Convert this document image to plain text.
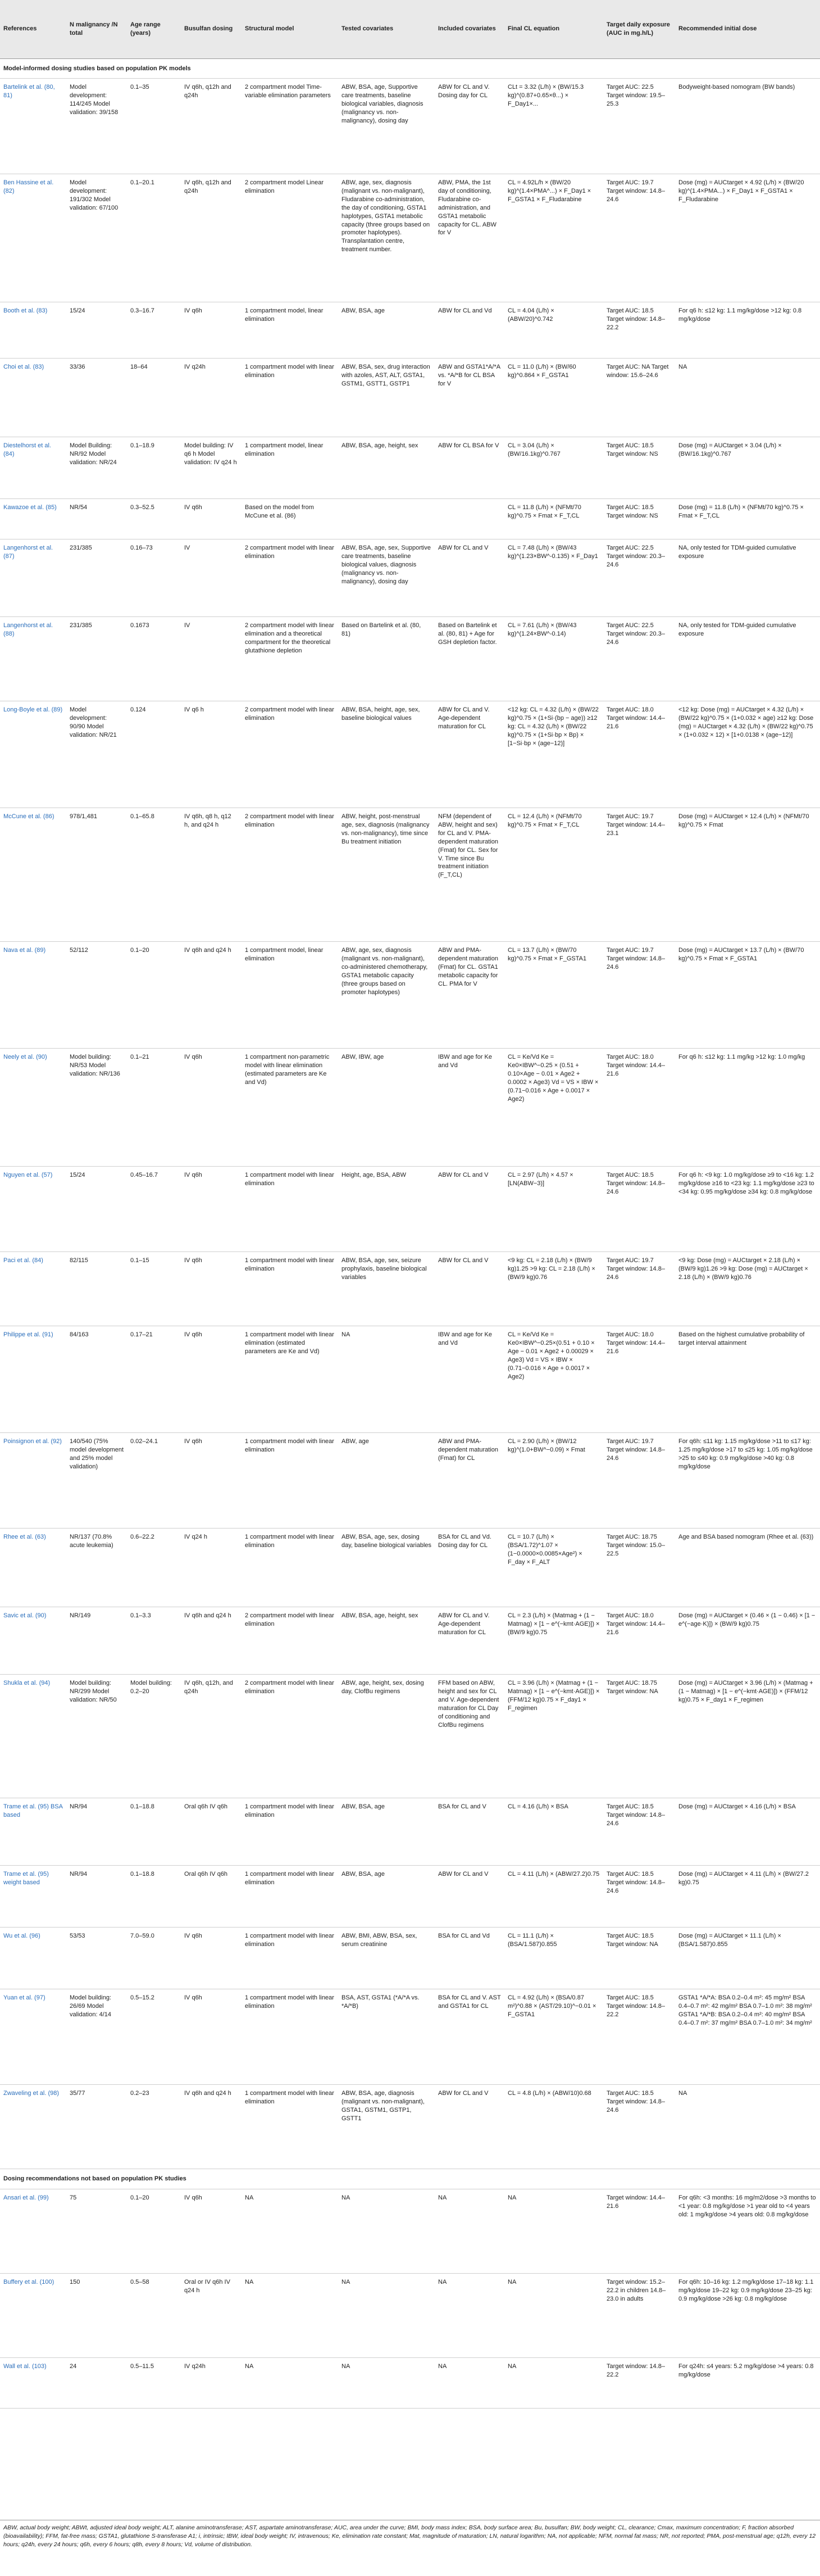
References	N malignancy /N total	Age range (years)	Busulfan dosing	Structural model	Tested covariates	Included covariates	Final CL equation	Target daily exposure (AUC in mg.h/L)	Recommended initial dose
Model-informed dosing studies based on population PK models									
Bartelink et al. (80, 81)	Model development: 114/245 Model validation: 39/158	0.1–35	IV q6h, q12h and q24h	2 compartment model Time-variable elimination parameters	ABW, BSA, age, Supportive care treatments, baseline biological variables, diagnosis (malignancy vs. non-malignancy), dosing day	ABW for CL and V. Dosing day for CL	CLt = 3.32 (L/h) × (BW/15.3 kg)^(0.87+0.65×θ...) × F_Day1×...	Target AUC: 22.5 Target window: 19.5–25.3	Bodyweight-based nomogram (BW bands)
Ben Hassine et al. (82)	Model development: 191/302 Model validation: 67/100	0.1–20.1	IV q6h, q12h and q24h	2 compartment model Linear elimination	ABW, age, sex, diagnosis (malignant vs. non-malignant), Fludarabine co-administration, the day of conditioning, GSTA1 haplotypes, GSTA1 metabolic capacity (three groups based on promoter haplotypes). Transplantation centre, treatment number.	ABW, PMA, the 1st day of conditioning, Fludarabine co-administration, and GSTA1 metabolic capacity for CL. ABW for V	CL = 4.92L/h × (BW/20 kg)^(1.4×PMA^...) × F_Day1 × F_GSTA1 × F_Fludarabine	Target AUC: 19.7 Target window: 14.8–24.6	Dose (mg) = AUCtarget × 4.92 (L/h) × (BW/20 kg)^(1.4×PMA...) × F_Day1 × F_GSTA1 × F_Fludarabine
Booth et al. (83)	15/24	0.3–16.7	IV q6h	1 compartment model, linear elimination	ABW, BSA, age	ABW for CL and Vd	CL = 4.04 (L/h) × (ABW/20)^0.742	Target AUC: 18.5 Target window: 14.8–22.2	For q6 h: ≤12 kg: 1.1 mg/kg/dose >12 kg: 0.8 mg/kg/dose
Choi et al. (83)	33/36	18–64	IV q24h	1 compartment model with linear elimination	ABW, BSA, sex, drug interaction with azoles, AST, ALT, GSTA1, GSTM1, GSTT1, GSTP1	ABW and GSTA1*A/*A vs. *A/*B for CL BSA for V	CL = 11.0 (L/h) × (BW/60 kg)^0.864 × F_GSTA1	Target AUC: NA Target window: 15.6–24.6	NA
Diestelhorst et al. (84)	Model Building: NR/92 Model validation: NR/24	0.1–18.9	Model building: IV q6 h Model validation: IV q24 h	1 compartment model, linear elimination	ABW, BSA, age, height, sex	ABW for CL BSA for V	CL = 3.04 (L/h) × (BW/16.1kg)^0.767	Target AUC: 18.5 Target window: NS	Dose (mg) = AUCtarget × 3.04 (L/h) × (BW/16.1kg)^0.767
Kawazoe et al. (85)	NR/54	0.3–52.5	IV q6h	Based on the model from McCune et al. (86)			CL = 11.8 (L/h) × (NFMt/70 kg)^0.75 × Fmat × F_T,CL	Target AUC: 18.5 Target window: NS	Dose (mg) = 11.8 (L/h) × (NFMt/70 kg)^0.75 × Fmat × F_T,CL
Langenhorst et al. (87)	231/385	0.16–73	IV	2 compartment model with linear elimination	ABW, BSA, age, sex, Supportive care treatments, baseline biological values, diagnosis (malignancy vs. non-malignancy), dosing day	ABW for CL and V	CL = 7.48 (L/h) × (BW/43 kg)^(1.23×BW^-0.135) × F_Day1	Target AUC: 22.5 Target window: 20.3–24.6	NA, only tested for TDM-guided cumulative exposure
Langenhorst et al. (88)	231/385	0.1673	IV	2 compartment model with linear elimination and a theoretical compartment for the theoretical glutathione depletion	Based on Bartelink et al. (80, 81)	Based on Bartelink et al. (80, 81) + Age for GSH depletion factor.	CL = 7.61 (L/h) × (BW/43 kg)^(1.24×BW^-0.14)	Target AUC: 22.5 Target window: 20.3–24.6	NA, only tested for TDM-guided cumulative exposure
Long-Boyle et al. (89)	Model development: 90/90 Model validation: NR/21	0.124	IV q6 h	2 compartment model with linear elimination	ABW, BSA, height, age, sex, baseline biological values	ABW for CL and V. Age-dependent maturation for CL	<12 kg: CL = 4.32 (L/h) × (BW/22 kg)^0.75 × (1+Si·(bp − age)) ≥12 kg: CL = 4.32 (L/h) × (BW/22 kg)^0.75 × (1+Si·bp × Bp) × [1−Si·bp × (age−12)]	Target AUC: 18.0 Target window: 14.4–21.6	<12 kg: Dose (mg) = AUCtarget × 4.32 (L/h) × (BW/22 kg)^0.75 × (1+0.032 × age) ≥12 kg: Dose (mg) = AUCtarget × 4.32 (L/h) × (BW/22 kg)^0.75 × (1+0.032 × 12) × [1+0.0138 × (age−12)]
McCune et al. (86)	978/1,481	0.1–65.8	IV q6h, q8 h, q12 h, and q24 h	2 compartment model with linear elimination	ABW, height, post-menstrual age, sex, diagnosis (malignancy vs. non-malignancy), time since Bu treatment initiation	NFM (dependent of ABW, height and sex) for CL and V. PMA-dependent maturation (Fmat) for CL. Sex for V. Time since Bu treatment initiation (F_T,CL)	CL = 12.4 (L/h) × (NFMt/70 kg)^0.75 × Fmat × F_T,CL	Target AUC: 19.7 Target window: 14.4–23.1	Dose (mg) = AUCtarget × 12.4 (L/h) × (NFMt/70 kg)^0.75 × Fmat
Nava et al. (89)	52/112	0.1–20	IV q6h and q24 h	1 compartment model, linear elimination	ABW, age, sex, diagnosis (malignant vs. non-malignant), co-administered chemotherapy, GSTA1 metabolic capacity (three groups based on promoter haplotypes)	ABW and PMA-dependent maturation (Fmat) for CL. GSTA1 metabolic capacity for CL. PMA for V	CL = 13.7 (L/h) × (BW/70 kg)^0.75 × Fmat × F_GSTA1	Target AUC: 19.7 Target window: 14.8–24.6	Dose (mg) = AUCtarget × 13.7 (L/h) × (BW/70 kg)^0.75 × Fmat × F_GSTA1
Neely et al. (90)	Model building: NR/53 Model validation: NR/136	0.1–21	IV q6h	1 compartment non-parametric model with linear elimination (estimated parameters are Ke and Vd)	ABW, IBW, age	IBW and age for Ke and Vd	CL = Ke/Vd Ke = Ke0×IBW^−0.25 × (0.51 + 0.10×Age − 0.01 × Age2 + 0.0002 × Age3) Vd = VS × IBW × (0.71−0.016 × Age + 0.0017 × Age2)	Target AUC: 18.0 Target window: 14.4–21.6	For q6 h: ≤12 kg: 1.1 mg/kg >12 kg: 1.0 mg/kg
Nguyen et al. (57)	15/24	0.45–16.7	IV q6h	1 compartment model with linear elimination	Height, age, BSA, ABW	ABW for CL and V	CL = 2.97 (L/h) × 4.57 × [LN(ABW−3)]	Target AUC: 18.5 Target window: 14.8–24.6	For q6 h: <9 kg: 1.0 mg/kg/dose ≥9 to <16 kg: 1.2 mg/kg/dose ≥16 to <23 kg: 1.1 mg/kg/dose ≥23 to <34 kg: 0.95 mg/kg/dose ≥34 kg: 0.8 mg/kg/dose
Paci et al. (84)	82/115	0.1–15	IV q6h	1 compartment model with linear elimination	ABW, BSA, age, sex, seizure prophylaxis, baseline biological variables	ABW for CL and V	<9 kg: CL = 2.18 (L/h) × (BW/9 kg)1.25 >9 kg: CL = 2.18 (L/h) × (BW/9 kg)0.76	Target AUC: 19.7 Target window: 14.8–24.6	<9 kg: Dose (mg) = AUCtarget × 2.18 (L/h) × (BW/9 kg)1.26 >9 kg: Dose (mg) = AUCtarget × 2.18 (L/h) × (BW/9 kg)0.76
Philippe et al. (91)	84/163	0.17–21	IV q6h	1 compartment model with linear elimination (estimated parameters are Ke and Vd)	NA	IBW and age for Ke and Vd	CL = Ke/Vd Ke = Ke0×IBW^−0.25×(0.51 + 0.10 × Age − 0.01 × Age2 + 0.00029 × Age3) Vd = VS × IBW × (0.71−0.016 × Age + 0.0017 × Age2)	Target AUC: 18.0 Target window: 14.4–21.6	Based on the highest cumulative probability of target interval attainment
Poinsignon et al. (92)	140/540 (75% model development and 25% model validation)	0.02–24.1	IV q6h	1 compartment model with linear elimination	ABW, age	ABW and PMA-dependent maturation (Fmat) for CL	CL = 2.90 (L/h) × (BW/12 kg)^(1.0+BW^−0.09) × Fmat	Target AUC: 19.7 Target window: 14.8–24.6	For q6h: ≤11 kg: 1.15 mg/kg/dose >11 to ≤17 kg: 1.25 mg/kg/dose >17 to ≤25 kg: 1.05 mg/kg/dose >25 to ≤40 kg: 0.9 mg/kg/dose >40 kg: 0.8 mg/kg/dose
Rhee et al. (63)	NR/137 (70.8% acute leukemia)	0.6–22.2	IV q24 h	1 compartment model with linear elimination	ABW, BSA, age, sex, dosing day, baseline biological variables	BSA for CL and Vd. Dosing day for CL	CL = 10.7 (L/h) × (BSA/1.72)^1.07 × (1−0.0000×0.0085×Age²) × F_day × F_ALT	Target AUC: 18.75 Target window: 15.0–22.5	Age and BSA based nomogram (Rhee et al. (63))
Savic et al. (90)	NR/149	0.1–3.3	IV q6h and q24 h	2 compartment model with linear elimination	ABW, BSA, age, height, sex	ABW for CL and V. Age-dependent maturation for CL	CL = 2.3 (L/h) × (Matmag + (1 − Matmag) × [1 − e^(−kmt·AGE)]) × (BW/9 kg)0.75	Target AUC: 18.0 Target window: 14.4–21.6	Dose (mg) = AUCtarget × (0.46 × (1 − 0.46) × [1 − e^(−age·K)]) × (BW/9 kg)0.75
Shukla et al. (94)	Model building: NR/299 Model validation: NR/50	Model building: 0.2–20	IV q6h, q12h, and q24h	2 compartment model with linear elimination	ABW, age, height, sex, dosing day, ClofBu regimens	FFM based on ABW, height and sex for CL and V. Age-dependent maturation for CL Day of conditioning and ClofBu regimens	CL = 3.96 (L/h) × (Matmag + (1 − Matmag) × [1 − e^(−kmt·AGE)]) × (FFM/12 kg)0.75 × F_day1 × F_regimen	Target AUC: 18.75 Target window: NA	Dose (mg) = AUCtarget × 3.96 (L/h) × (Matmag + (1 − Matmag) × [1 − e^(−kmt·AGE)]) × (FFM/12 kg)0.75 × F_day1 × F_regimen
Trame et al. (95) BSA based	NR/94	0.1–18.8	Oral q6h IV q6h	1 compartment model with linear elimination	ABW, BSA, age	BSA for CL and V	CL = 4.16 (L/h) × BSA	Target AUC: 18.5 Target window: 14.8–24.6	Dose (mg) = AUCtarget × 4.16 (L/h) × BSA
Trame et al. (95) weight based	NR/94	0.1–18.8	Oral q6h IV q6h	1 compartment model with linear elimination	ABW, BSA, age	ABW for CL and V	CL = 4.11 (L/h) × (ABW/27.2)0.75	Target AUC: 18.5 Target window: 14.8–24.6	Dose (mg) = AUCtarget × 4.11 (L/h) × (BW/27.2 kg)0.75
Wu et al. (96)	53/53	7.0–59.0	IV q6h	1 compartment model with linear elimination	ABW, BMI, ABW, BSA, sex, serum creatinine	BSA for CL and Vd	CL = 11.1 (L/h) × (BSA/1.587)0.855	Target AUC: 18.5 Target window: NA	Dose (mg) = AUCtarget × 11.1 (L/h) × (BSA/1.587)0.855
Yuan et al. (97)	Model building: 26/69 Model validation: 4/14	0.5–15.2	IV q6h	1 compartment model with linear elimination	BSA, AST, GSTA1 (*A/*A vs. *A/*B)	BSA for CL and V. AST and GSTA1 for CL	CL = 4.92 (L/h) × (BSA/0.87 m²)^0.88 × (AST/29.10)^−0.01 × F_GSTA1	Target AUC: 18.5 Target window: 14.8–22.2	GSTA1 *A/*A: BSA 0.2–0.4 m²: 45 mg/m² BSA 0.4–0.7 m²: 42 mg/m² BSA 0.7–1.0 m²: 38 mg/m² GSTA1 *A/*B: BSA 0.2–0.4 m²: 40 mg/m² BSA 0.4–0.7 m²: 37 mg/m² BSA 0.7–1.0 m²: 34 mg/m²
Zwaveling et al. (98)	35/77	0.2–23	IV q6h and q24 h	1 compartment model with linear elimination	ABW, BSA, age, diagnosis (malignant vs. non-malignant), GSTA1, GSTM1, GSTP1, GSTT1	ABW for CL and V	CL = 4.8 (L/h) × (ABW/10)0.68	Target AUC: 18.5 Target window: 14.8–24.6	NA
Dosing recommendations not based on population PK studies									
Ansari et al. (99)	75	0.1–20	IV q6h	NA	NA	NA	NA	Target window: 14.4–21.6	For q6h: <3 months: 16 mg/m2/dose >3 months to <1 year: 0.8 mg/kg/dose >1 year old to <4 years old: 1 mg/kg/dose >4 years old: 0.8 mg/kg/dose
Buffery et al. (100)	150	0.5–58	Oral or IV q6h IV q24 h	NA	NA	NA	NA	Target window: 15.2–22.2 in children 14.8–23.0 in adults	For q6h: 10–16 kg: 1.2 mg/kg/dose 17–18 kg: 1.1 mg/kg/dose 19–22 kg: 0.9 mg/kg/dose 23–25 kg: 0.9 mg/kg/dose >26 kg: 0.8 mg/kg/dose
Wall et al. (103)	24	0.5–11.5	IV q24h	NA	NA	NA	NA	Target window: 14.8–22.2	For q24h: ≤4 years: 5.2 mg/kg/dose >4 years: 0.8 mg/kg/dose
ABW, actual body weight; ABWt, adjusted ideal body weight; ALT, alanine aminotransferase; AST, aspartate aminotransferase; AUC, area under the curve; BMI, body mass index; BSA, body surface area; Bu, busulfan; BW, body weight; CL, clearance; Cmax, maximum concentration; F, fraction absorbed (bioavailability); FFM, fat-free mass; GSTA1, glutathione S-transferase A1; i, intrinsic; IBW, ideal body weight; IV, intravenous; Ke, elimination rate constant; Mat, magnitude of maturation; LN, natural logarithm; NA, not applicable; NFM, normal fat mass; NR, not reported; PMA, post-menstrual age; q12h, every 12 hours; q24h, every 24 hours; q6h, every 6 hours; q8h, every 8 hours; Vd, volume of distribution.
